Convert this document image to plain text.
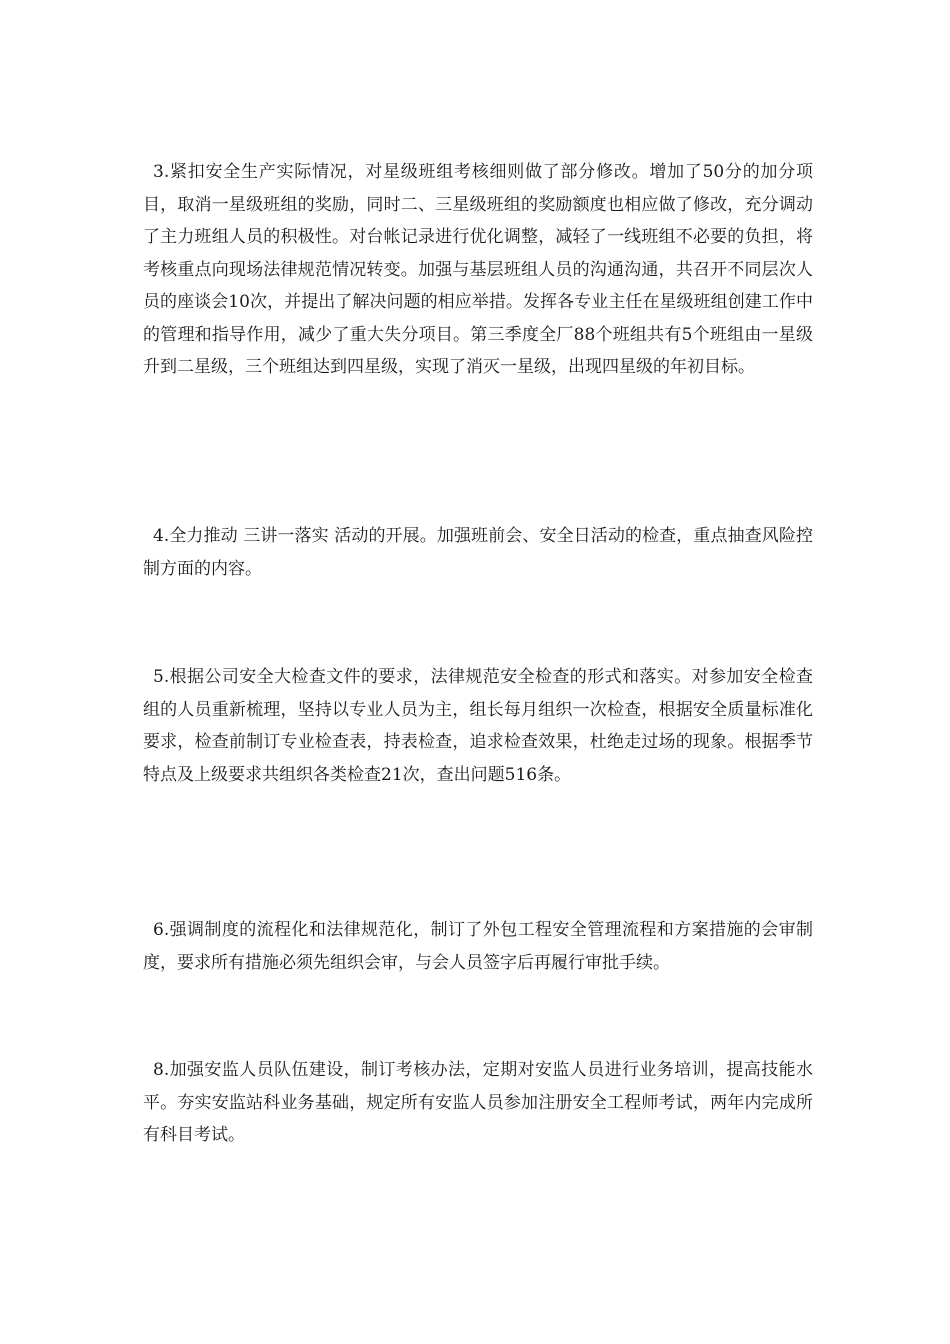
3.紧扣安全生产实际情况，对星级班组考核细则做了部分修改。增加了50分的加分项目，取消一星级班组的奖励，同时二、三星级班组的奖励额度也相应做了修改，充分调动了主力班组人员的积极性。对台帐记录进行优化调整，减轻了一线班组不必要的负担，将考核重点向现场法律规范情况转变。加强与基层班组人员的沟通沟通，共召开不同层次人员的座谈会10次，并提出了解决问题的相应举措。发挥各专业主任在星级班组创建工作中的管理和指导作用，减少了重大失分项目。第三季度全厂88个班组共有5个班组由一星级升到二星级，三个班组达到四星级，实现了消灭一星级，出现四星级的年初目标。

4.全力推动 三讲一落实 活动的开展。加强班前会、安全日活动的检查，重点抽查风险控制方面的内容。

5.根据公司安全大检查文件的要求，法律规范安全检查的形式和落实。对参加安全检查组的人员重新梳理，坚持以专业人员为主，组长每月组织一次检查，根据安全质量标准化要求，检查前制订专业检查表，持表检查，追求检查效果，杜绝走过场的现象。根据季节特点及上级要求共组织各类检查21次，查出问题516条。

6.强调制度的流程化和法律规范化，制订了外包工程安全管理流程和方案措施的会审制度，要求所有措施必须先组织会审，与会人员签字后再履行审批手续。

8.加强安监人员队伍建设，制订考核办法，定期对安监人员进行业务培训，提高技能水平。夯实安监站科业务基础，规定所有安监人员参加注册安全工程师考试，两年内完成所有科目考试。
